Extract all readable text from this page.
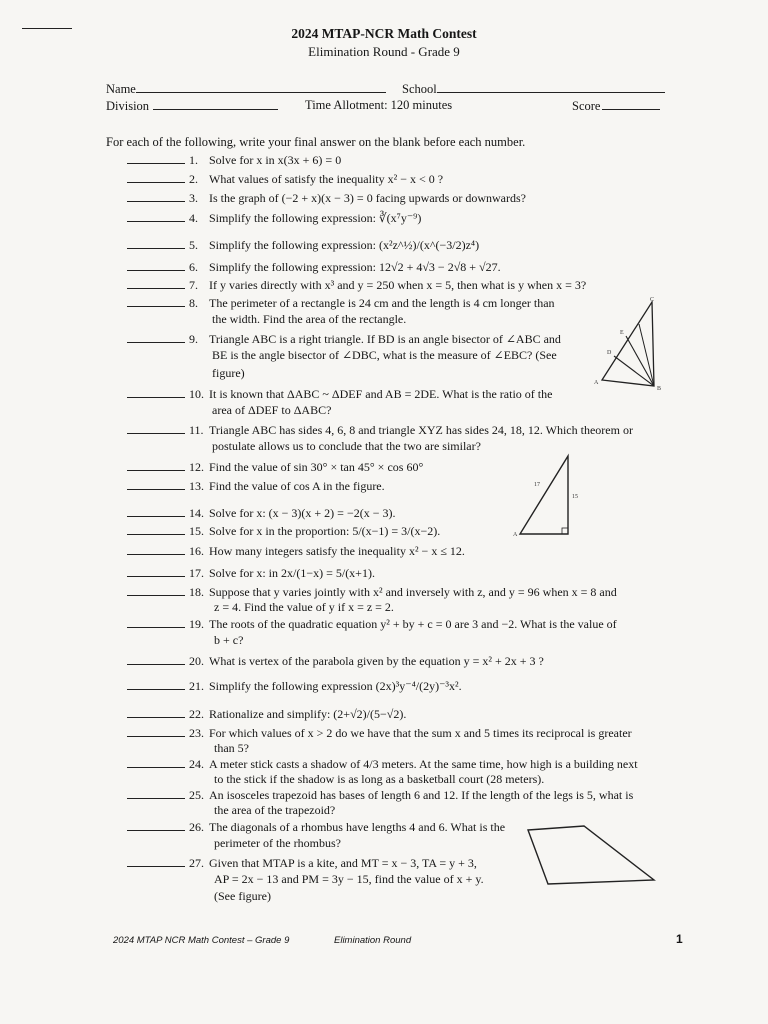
2024 MTAP-NCR Math Contest
Elimination Round - Grade 9
Name	School
Division	Time Allotment: 120 minutes	Score
For each of the following, write your final answer on the blank before each number.
1. Solve for x in x(3x + 6) = 0
2. What values of satisfy the inequality x² − x < 0 ?
3. Is the graph of (−2 + x)(x − 3) = 0 facing upwards or downwards?
4. Simplify the following expression: ∛(x⁷y⁻⁹)
5. Simplify the following expression: (x²z^½)/(x^(−3/2)z⁴)
6. Simplify the following expression: 12√2 + 4√3 − 2√8 + √27.
7. If y varies directly with x³ and y = 250 when x = 5, then what is y when x = 3?
8. The perimeter of a rectangle is 24 cm and the length is 4 cm longer than
the width. Find the area of the rectangle.
9. Triangle ABC is a right triangle. If BD is an angle bisector of ∠ABC and
BE is the angle bisector of ∠DBC, what is the measure of ∠EBC? (See
figure)
10. It is known that ΔABC ~ ΔDEF and AB = 2DE. What is the ratio of the
area of ΔDEF to ΔABC?
11. Triangle ABC has sides 4, 6, 8 and triangle XYZ has sides 24, 18, 12. Which theorem or
postulate allows us to conclude that the two are similar?
12. Find the value of sin 30° × tan 45° × cos 60°
13. Find the value of cos A in the figure.
14. Solve for x: (x − 3)(x + 2) = −2(x − 3).
15. Solve for x in the proportion: 5/(x−1) = 3/(x−2).
16. How many integers satisfy the inequality x² − x ≤ 12.
17. Solve for x: in 2x/(1−x) = 5/(x+1).
18. Suppose that y varies jointly with x² and inversely with z, and y = 96 when x = 8 and
z = 4. Find the value of y if x = z = 2.
19. The roots of the quadratic equation y² + by + c = 0 are 3 and −2. What is the value of
b + c?
20. What is vertex of the parabola given by the equation y = x² + 2x + 3 ?
21. Simplify the following expression (2x)³y⁻⁴/(2y)⁻³x².
22. Rationalize and simplify: (2+√2)/(5−√2).
23. For which values of x > 2 do we have that the sum x and 5 times its reciprocal is greater
than 5?
24. A meter stick casts a shadow of 4/3 meters. At the same time, how high is a building next
to the stick if the shadow is as long as a basketball court (28 meters).
25. An isosceles trapezoid has bases of length 6 and 12. If the length of the legs is 5, what is
the area of the trapezoid?
26. The diagonals of a rhombus have lengths 4 and 6. What is the
perimeter of the rhombus?
27. Given that MTAP is a kite, and MT = x − 3, TA = y + 3,
AP = 2x − 13 and PM = 3y − 15, find the value of x + y.
(See figure)
C
A
B
D
E
17
15
A
2024 MTAP NCR Math Contest – Grade 9	Elimination Round	1
